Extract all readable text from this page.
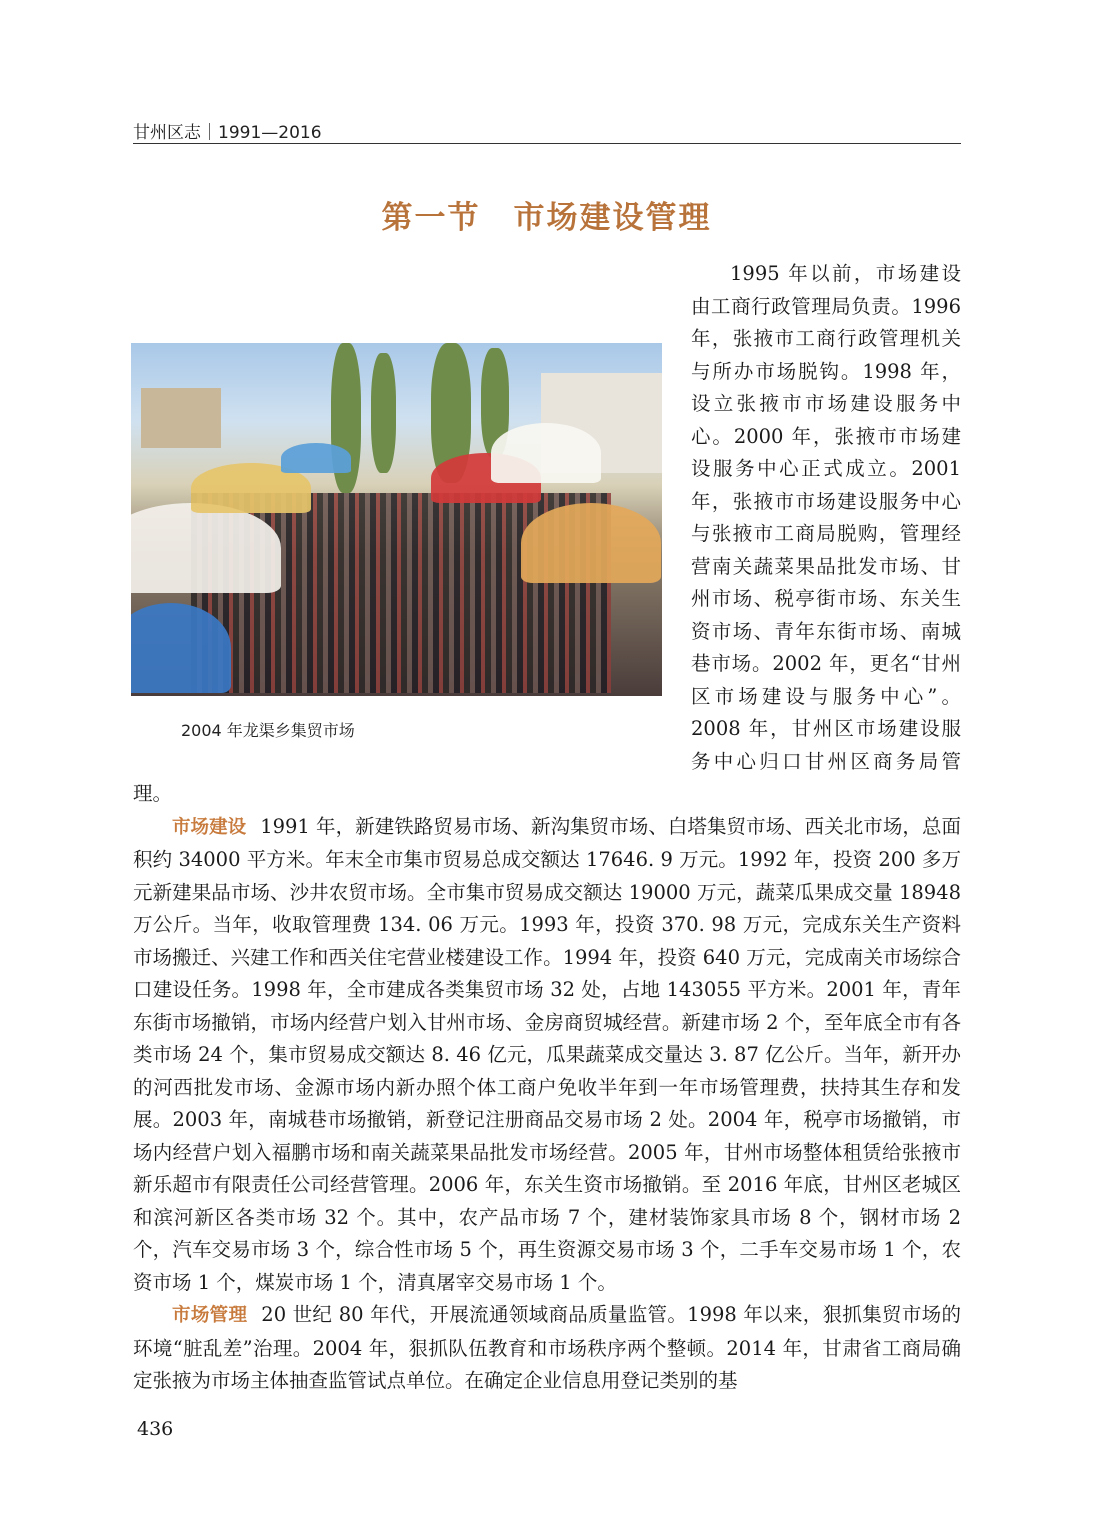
甘州区志｜1991—2016
第一节　市场建设管理
2004 年龙渠乡集贸市场

1995 年以前，市场建设由工商行政管理局负责。1996 年，张掖市工商行政管理机关与所办市场脱钩。1998 年，设立张掖市市场建设服务中心。2000 年，张掖市市场建设服务中心正式成立。2001 年，张掖市市场建设服务中心与张掖市工商局脱购，管理经营南关蔬菜果品批发市场、甘州市场、税亭街市场、东关生资市场、青年东街市场、南城巷市场。2002 年，更名“甘州区市场建设与服务中心”。2008 年，甘州区市场建设服务中心归口甘州区商务局管理。

市场建设 1991 年，新建铁路贸易市场、新沟集贸市场、白塔集贸市场、西关北市场，总面积约 34000 平方米。年末全市集市贸易总成交额达 17646. 9 万元。1992 年，投资 200 多万元新建果品市场、沙井农贸市场。全市集市贸易成交额达 19000 万元，蔬菜瓜果成交量 18948 万公斤。当年，收取管理费 134. 06 万元。1993 年，投资 370. 98 万元，完成东关生产资料市场搬迁、兴建工作和西关住宅营业楼建设工作。1994 年，投资 640 万元，完成南关市场综合口建设任务。1998 年，全市建成各类集贸市场 32 处，占地 143055 平方米。2001 年，青年东街市场撤销，市场内经营户划入甘州市场、金房商贸城经营。新建市场 2 个，至年底全市有各类市场 24 个，集市贸易成交额达 8. 46 亿元，瓜果蔬菜成交量达 3. 87 亿公斤。当年，新开办的河西批发市场、金源市场内新办照个体工商户免收半年到一年市场管理费，扶持其生存和发展。2003 年，南城巷市场撤销，新登记注册商品交易市场 2 处。2004 年，税亭市场撤销，市场内经营户划入福鹏市场和南关蔬菜果品批发市场经营。2005 年，甘州市场整体租赁给张掖市新乐超市有限责任公司经营管理。2006 年，东关生资市场撤销。至 2016 年底，甘州区老城区和滨河新区各类市场 32 个。其中，农产品市场 7 个，建材装饰家具市场 8 个，钢材市场 2 个，汽车交易市场 3 个，综合性市场 5 个，再生资源交易市场 3 个，二手车交易市场 1 个，农资市场 1 个，煤炭市场 1 个，清真屠宰交易市场 1 个。

市场管理 20 世纪 80 年代，开展流通领域商品质量监管。1998 年以来，狠抓集贸市场的环境“脏乱差”治理。2004 年，狠抓队伍教育和市场秩序两个整顿。2014 年，甘肃省工商局确定张掖为市场主体抽查监管试点单位。在确定企业信息用登记类别的基

436
